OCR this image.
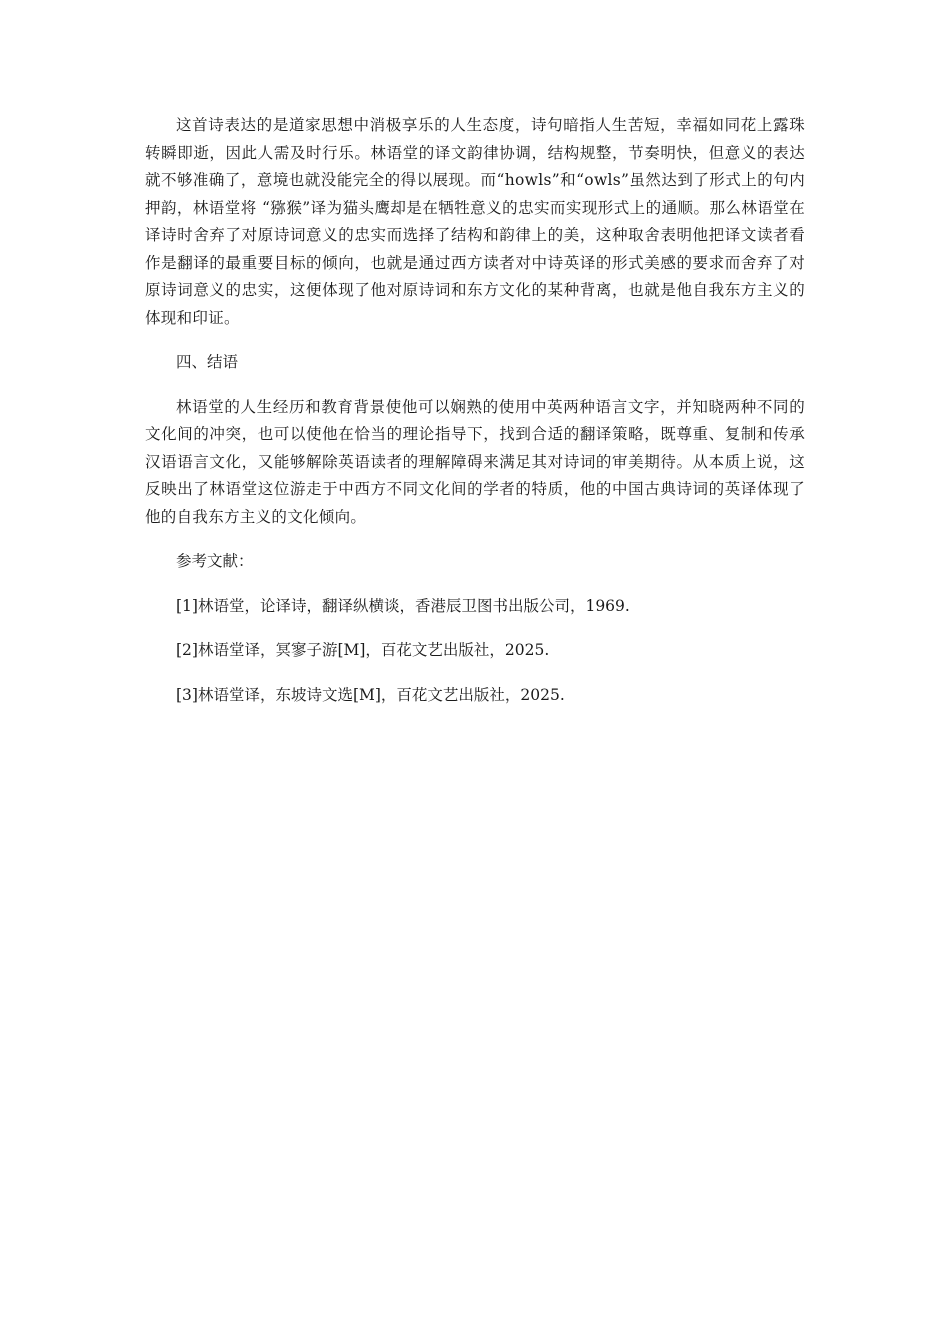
这首诗表达的是道家思想中消极享乐的人生态度，诗句暗指人生苦短，幸福如同花上露珠转瞬即逝，因此人需及时行乐。林语堂的译文韵律协调，结构规整，节奏明快，但意义的表达就不够准确了，意境也就没能完全的得以展现。而“howls”和“owls”虽然达到了形式上的句内押韵，林语堂将 “猕猴”译为猫头鹰却是在牺牲意义的忠实而实现形式上的通顺。那么林语堂在译诗时舍弃了对原诗词意义的忠实而选择了结构和韵律上的美，这种取舍表明他把译文读者看作是翻译的最重要目标的倾向，也就是通过西方读者对中诗英译的形式美感的要求而舍弃了对原诗词意义的忠实，这便体现了他对原诗词和东方文化的某种背离，也就是他自我东方主义的体现和印证。

四、结语

林语堂的人生经历和教育背景使他可以娴熟的使用中英两种语言文字，并知晓两种不同的文化间的冲突，也可以使他在恰当的理论指导下，找到合适的翻译策略，既尊重、复制和传承汉语语言文化，又能够解除英语读者的理解障碍来满足其对诗词的审美期待。从本质上说，这反映出了林语堂这位游走于中西方不同文化间的学者的特质，他的中国古典诗词的英译体现了他的自我东方主义的文化倾向。

参考文献：

[1]林语堂，论译诗，翻译纵横谈，香港辰卫图书出版公司，1969.

[2]林语堂译，冥寥子游[M]，百花文艺出版社，2025.

[3]林语堂译，东坡诗文选[M]，百花文艺出版社，2025.
